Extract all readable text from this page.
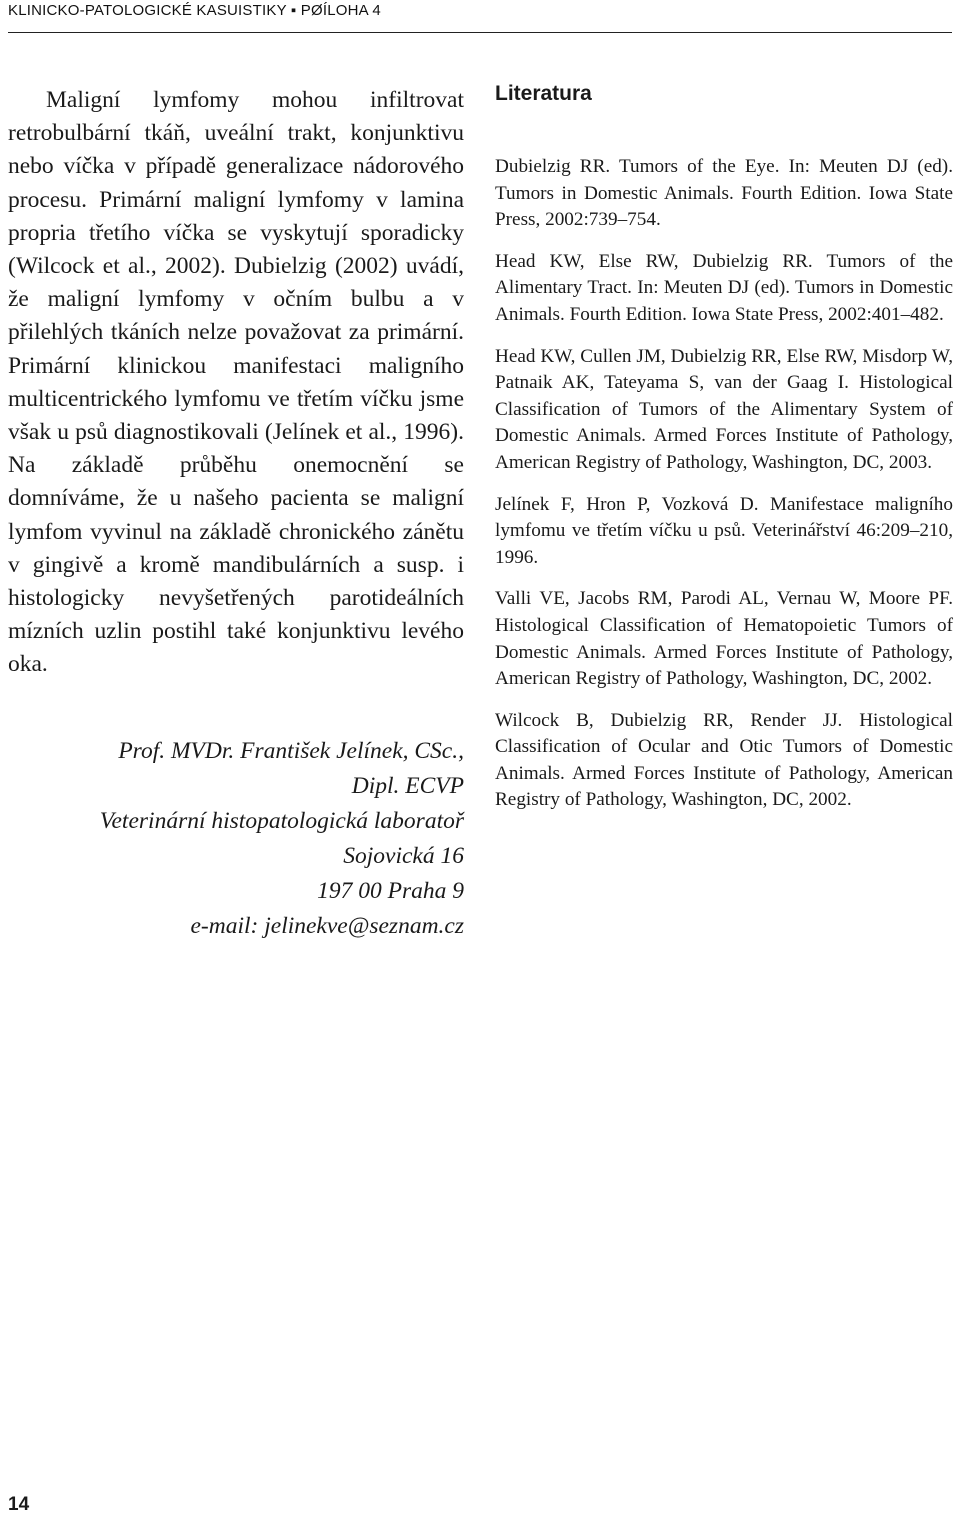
KLINICKO-PATOLOGICKÉ KASUISTIKY ▪ PØÍLOHA 4

Maligní lymfomy mohou infiltrovat retrobulbární tkáň, uveální trakt, konjunktivu nebo víčka v případě generalizace nádorového procesu. Primární maligní lymfomy v lamina propria třetího víčka se vyskytují sporadicky (Wilcock et al., 2002). Dubielzig (2002) uvádí, že maligní lymfomy v očním bulbu a v přilehlých tkáních nelze považovat za primární. Primární klinickou manifestaci maligního multicentrického lymfomu ve třetím víčku jsme však u psů diagnostikovali (Jelínek et al., 1996). Na základě průběhu onemocnění se domníváme, že u našeho pacienta se maligní lymfom vyvinul na základě chronického zánětu v gingivě a kromě mandibulárních a susp. i histologicky nevyšetřených parotideálních mízních uzlin postihl také konjunktivu levého oka.

Prof. MVDr. František Jelínek, CSc.,
Dipl. ECVP
Veterinární histopatologická laboratoř
Sojovická 16
197 00 Praha 9
e-mail: jelinekve@seznam.cz
Literatura
Dubielzig RR. Tumors of the Eye. In: Meuten DJ (ed). Tumors in Domestic Animals. Fourth Edition. Iowa State Press, 2002:739–754.
Head KW, Else RW, Dubielzig RR. Tumors of the Alimentary Tract. In: Meuten DJ (ed). Tumors in Domestic Animals. Fourth Edition. Iowa State Press, 2002:401–482.
Head KW, Cullen JM, Dubielzig RR, Else RW, Misdorp W, Patnaik AK, Tateyama S, van der Gaag I. Histological Classification of Tumors of the Alimentary System of Domestic Animals. Armed Forces Institute of Pathology, American Registry of Pathology, Washington, DC, 2003.
Jelínek F, Hron P, Vozková D. Manifestace maligního lymfomu ve třetím víčku u psů. Veterinářství 46:209–210, 1996.
Valli VE, Jacobs RM, Parodi AL, Vernau W, Moore PF. Histological Classification of Hematopoietic Tumors of Domestic Animals. Armed Forces Institute of Pathology, American Registry of Pathology, Washington, DC, 2002.
Wilcock B, Dubielzig RR, Render JJ. Histological Classification of Ocular and Otic Tumors of Domestic Animals. Armed Forces Institute of Pathology, American Registry of Pathology, Washington, DC, 2002.
14
